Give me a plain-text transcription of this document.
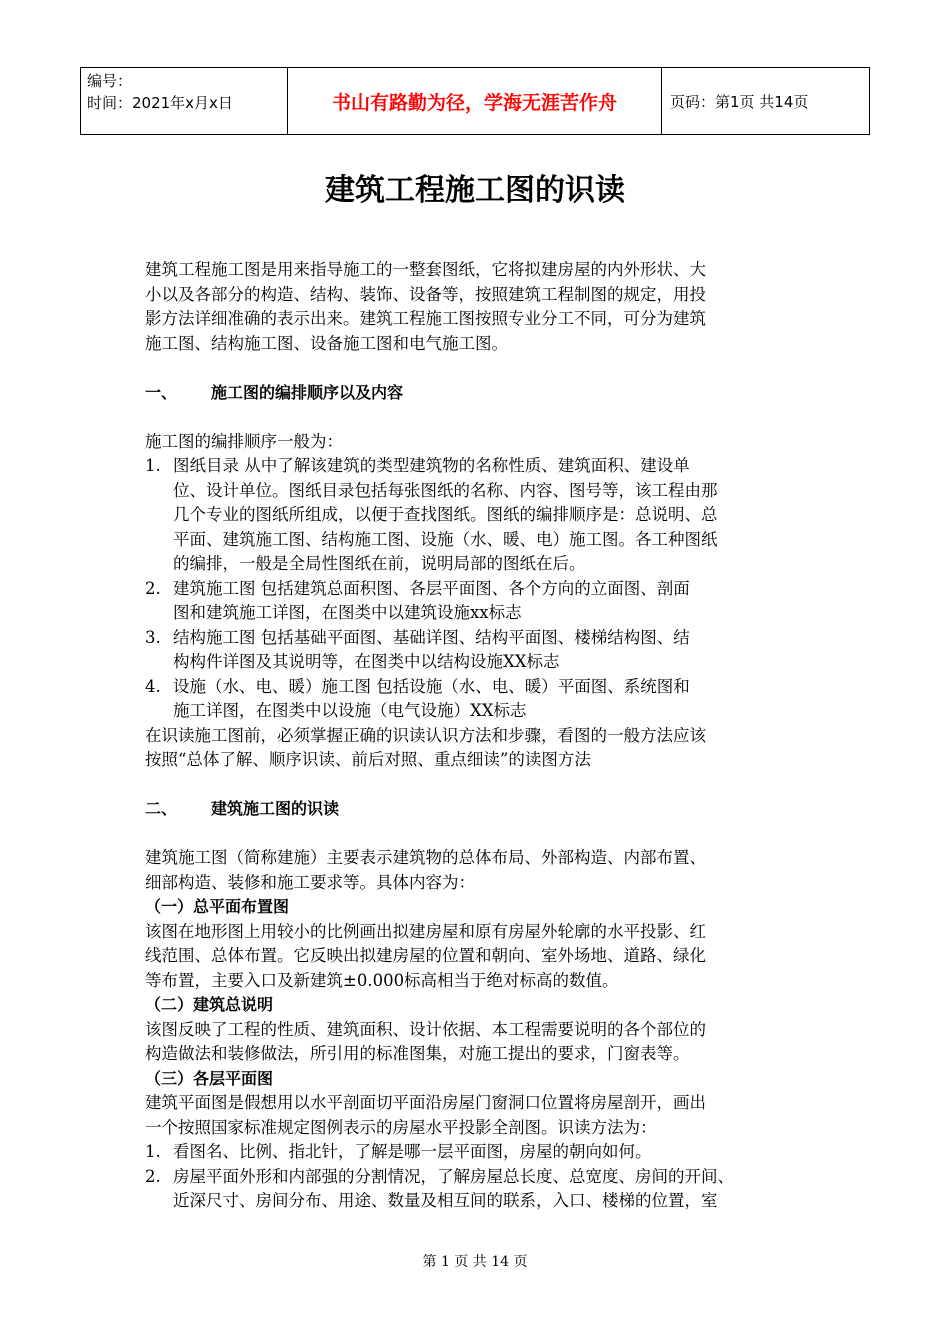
编号：
时间：2021年x月x日	书山有路勤为径，学海无涯苦作舟	页码：第1页 共14页
建筑工程施工图的识读
建筑工程施工图是用来指导施工的一整套图纸，它将拟建房屋的内外形状、大
小以及各部分的构造、结构、装饰、设备等，按照建筑工程制图的规定，用投
影方法详细准确的表示出来。建筑工程施工图按照专业分工不同，可分为建筑
施工图、结构施工图、设备施工图和电气施工图。
一、	施工图的编排顺序以及内容
施工图的编排顺序一般为：
1. 图纸目录 从中了解该建筑的类型建筑物的名称性质、建筑面积、建设单
位、设计单位。图纸目录包括每张图纸的名称、内容、图号等，该工程由那
几个专业的图纸所组成，以便于查找图纸。图纸的编排顺序是：总说明、总
平面、建筑施工图、结构施工图、设施（水、暖、电）施工图。各工种图纸
的编排，一般是全局性图纸在前，说明局部的图纸在后。
2. 建筑施工图 包括建筑总面积图、各层平面图、各个方向的立面图、剖面
图和建筑施工详图，在图类中以建筑设施xx标志
3. 结构施工图 包括基础平面图、基础详图、结构平面图、楼梯结构图、结
构构件详图及其说明等，在图类中以结构设施XX标志
4. 设施（水、电、暖）施工图 包括设施（水、电、暖）平面图、系统图和
施工详图，在图类中以设施（电气设施）XX标志
在识读施工图前，必须掌握正确的识读认识方法和步骤，看图的一般方法应该
按照“总体了解、顺序识读、前后对照、重点细读”的读图方法
二、	建筑施工图的识读
建筑施工图（简称建施）主要表示建筑物的总体布局、外部构造、内部布置、
细部构造、装修和施工要求等。具体内容为：
（一）总平面布置图
该图在地形图上用较小的比例画出拟建房屋和原有房屋外轮廓的水平投影、红
线范围、总体布置。它反映出拟建房屋的位置和朝向、室外场地、道路、绿化
等布置，主要入口及新建筑±0.000标高相当于绝对标高的数值。
（二）建筑总说明
该图反映了工程的性质、建筑面积、设计依据、本工程需要说明的各个部位的
构造做法和装修做法，所引用的标准图集，对施工提出的要求，门窗表等。
（三）各层平面图
建筑平面图是假想用以水平剖面切平面沿房屋门窗洞口位置将房屋剖开，画出
一个按照国家标准规定图例表示的房屋水平投影全剖图。识读方法为：
1. 看图名、比例、指北针，了解是哪一层平面图，房屋的朝向如何。
2. 房屋平面外形和内部强的分割情况，了解房屋总长度、总宽度、房间的开间、
近深尺寸、房间分布、用途、数量及相互间的联系，入口、楼梯的位置，室
第 1 页 共 14 页
